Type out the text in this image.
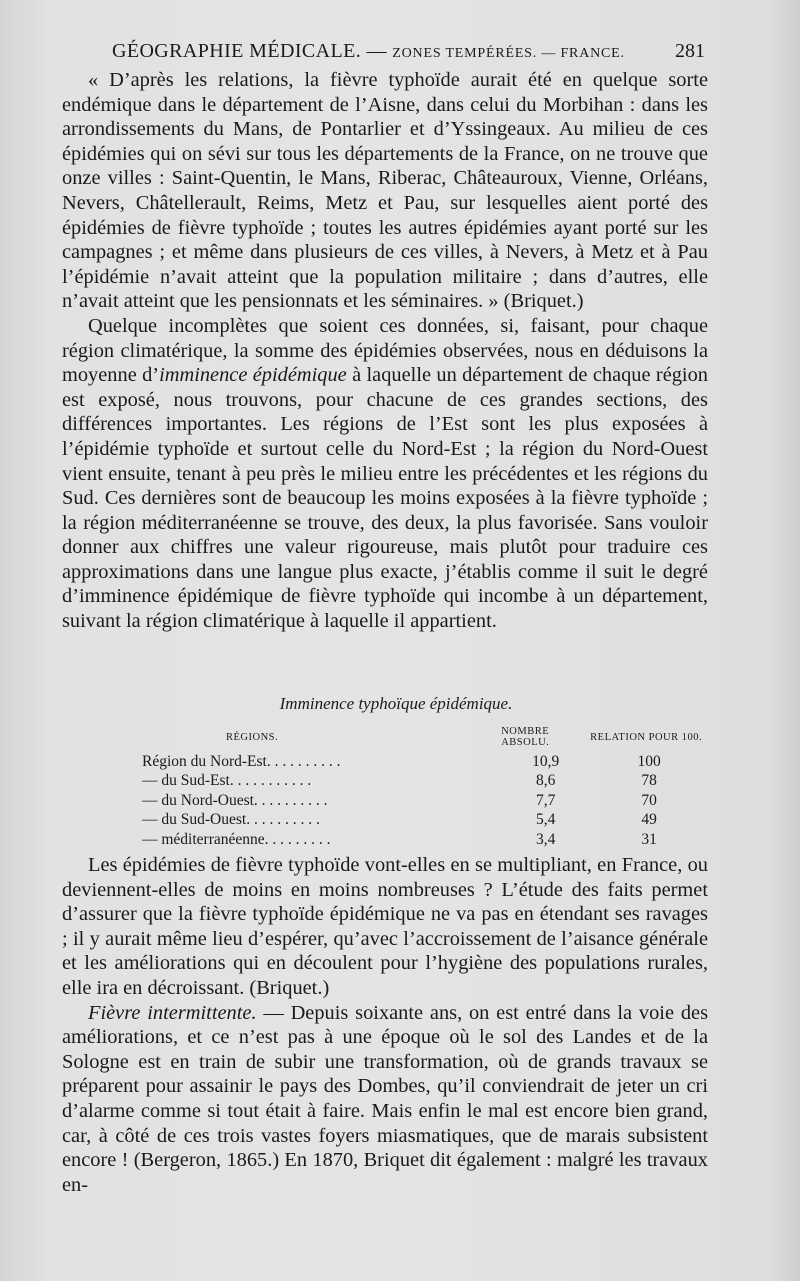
GÉOGRAPHIE MÉDICALE. — ZONES TEMPÉRÉES. — FRANCE.	281

« D’après les relations, la fièvre typhoïde aurait été en quelque sorte endémique dans le département de l’Aisne, dans celui du Morbihan : dans les arrondissements du Mans, de Pontarlier et d’Yssingeaux. Au milieu de ces épidémies qui on sévi sur tous les départements de la France, on ne trouve que onze villes : Saint-Quentin, le Mans, Riberac, Châteauroux, Vienne, Orléans, Nevers, Châtellerault, Reims, Metz et Pau, sur lesquelles aient porté des épidémies de fièvre typhoïde ; toutes les autres épidémies ayant porté sur les campagnes ; et même dans plusieurs de ces villes, à Nevers, à Metz et à Pau l’épidémie n’avait atteint que la population militaire ; dans d’autres, elle n’avait atteint que les pensionnats et les séminaires. » (Briquet.)

Quelque incomplètes que soient ces données, si, faisant, pour chaque région climatérique, la somme des épidémies observées, nous en déduisons la moyenne d’imminence épidémique à laquelle un département de chaque région est exposé, nous trouvons, pour chacune de ces grandes sections, des différences importantes. Les régions de l’Est sont les plus exposées à l’épidémie typhoïde et surtout celle du Nord-Est ; la région du Nord-Ouest vient ensuite, tenant à peu près le milieu entre les précédentes et les régions du Sud. Ces dernières sont de beaucoup les moins exposées à la fièvre typhoïde ; la région méditerranéenne se trouve, des deux, la plus favorisée. Sans vouloir donner aux chiffres une valeur rigoureuse, mais plutôt pour traduire ces approximations dans une langue plus exacte, j’établis comme il suit le degré d’imminence épidémique de fièvre typhoïde qui incombe à un département, suivant la région climatérique à laquelle il appartient.

Imminence typhoïque épidémique.
RÉGIONS.	NOMBRE ABSOLU.	RELATION POUR 100.
Région du Nord-Est. . . . . . . . . .	10,9	100
— du Sud-Est. . . . . . . . . . .	8,6	78
— du Nord-Ouest. . . . . . . . . .	7,7	70
— du Sud-Ouest. . . . . . . . . .	5,4	49
— méditerranéenne. . . . . . . . .	3,4	31

Les épidémies de fièvre typhoïde vont-elles en se multipliant, en France, ou deviennent-elles de moins en moins nombreuses ? L’étude des faits permet d’assurer que la fièvre typhoïde épidémique ne va pas en étendant ses ravages ; il y aurait même lieu d’espérer, qu’avec l’accroissement de l’aisance générale et les améliorations qui en découlent pour l’hygiène des populations rurales, elle ira en décroissant. (Briquet.)

Fièvre intermittente. — Depuis soixante ans, on est entré dans la voie des améliorations, et ce n’est pas à une époque où le sol des Landes et de la Sologne est en train de subir une transformation, où de grands travaux se préparent pour assainir le pays des Dombes, qu’il conviendrait de jeter un cri d’alarme comme si tout était à faire. Mais enfin le mal est encore bien grand, car, à côté de ces trois vastes foyers miasmatiques, que de marais subsistent encore ! (Bergeron, 1865.) En 1870, Briquet dit également : malgré les travaux en-
